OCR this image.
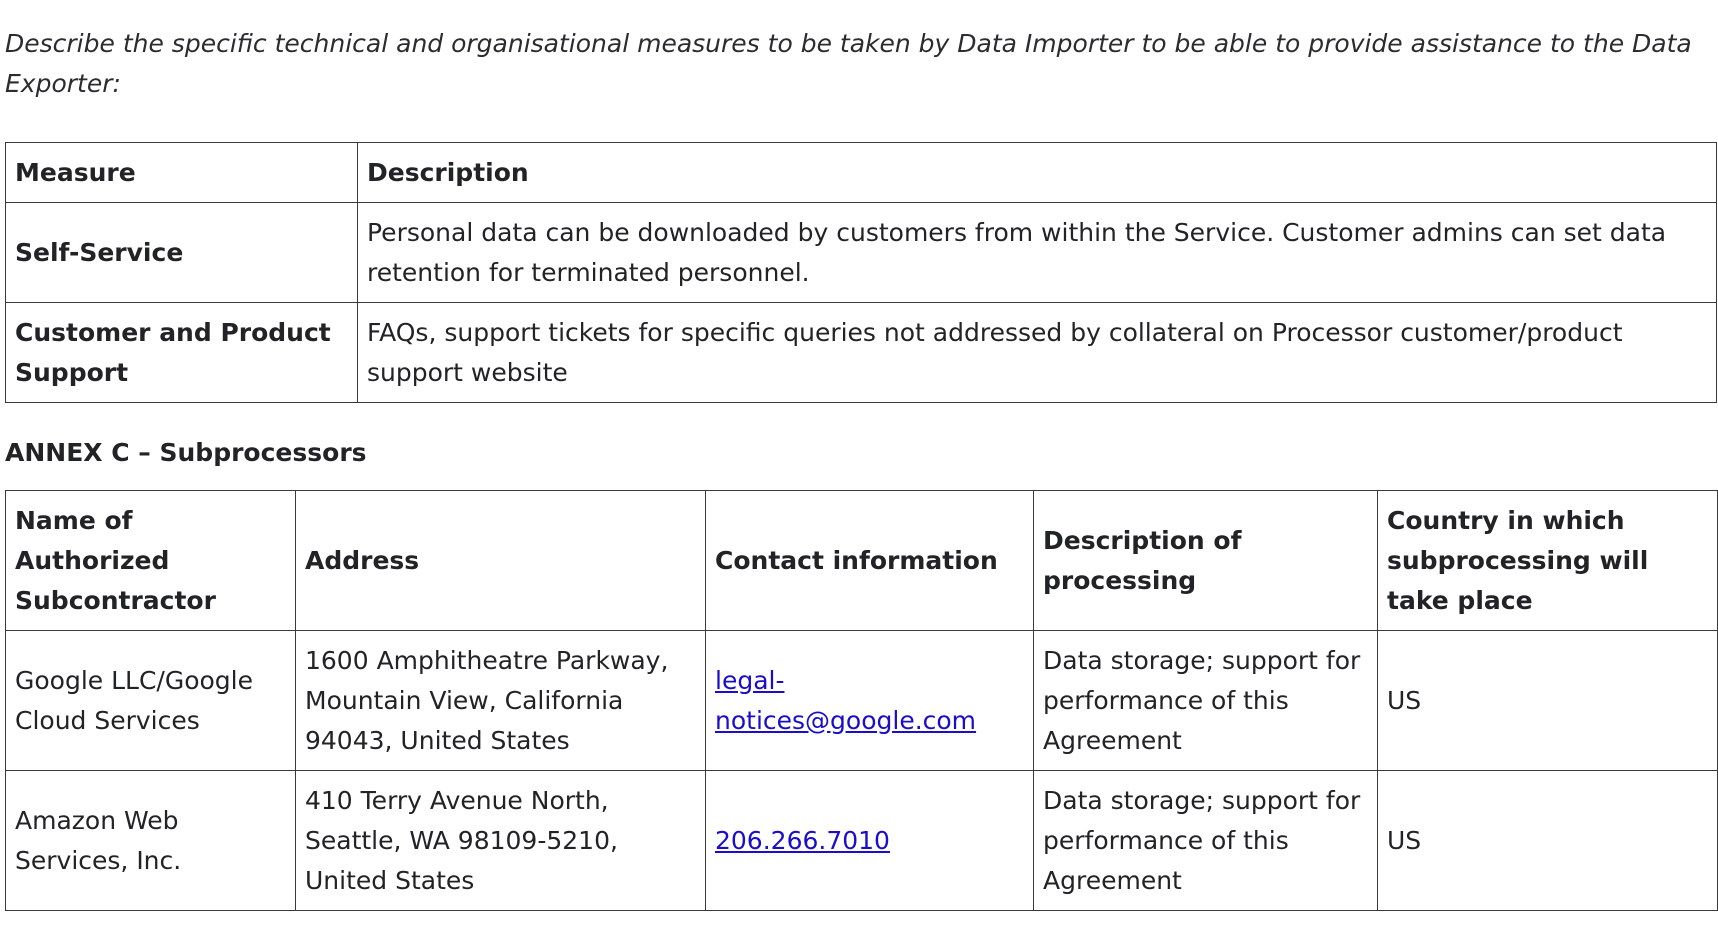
Describe the specific technical and organisational measures to be taken by Data Importer to be able to provide assistance to the Data Exporter:

Measure	Description
Self-Service	Personal data can be downloaded by customers from within the Service. Customer admins can set data retention for terminated personnel.
Customer and Product Support	FAQs, support tickets for specific queries not addressed by collateral on Processor customer/product support website

ANNEX C – Subprocessors

Name of Authorized Subcontractor	Address	Contact information	Description of processing	Country in which subprocessing will take place
Google LLC/Google Cloud Services	1600 Amphitheatre Parkway, Mountain View, California 94043, United States	legal-notices@google.com	Data storage; support for performance of this Agreement	US
Amazon Web Services, Inc.	410 Terry Avenue North, Seattle, WA 98109-5210, United States	206.266.7010	Data storage; support for performance of this Agreement	US
